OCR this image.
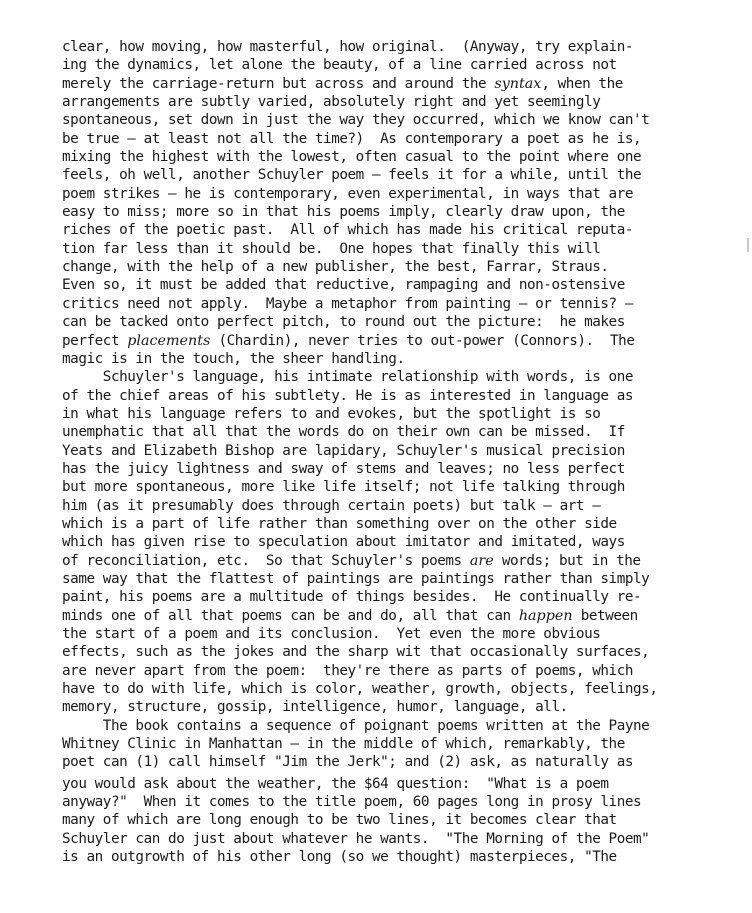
clear, how moving, how masterful, how original.  (Anyway, try explain-
ing the dynamics, let alone the beauty, of a line carried across not
merely the carriage-return but across and around the syntax, when the
arrangements are subtly varied, absolutely right and yet seemingly
spontaneous, set down in just the way they occurred, which we know can't
be true — at least not all the time?)  As contemporary a poet as he is,
mixing the highest with the lowest, often casual to the point where one
feels, oh well, another Schuyler poem — feels it for a while, until the
poem strikes — he is contemporary, even experimental, in ways that are
easy to miss; more so in that his poems imply, clearly draw upon, the
riches of the poetic past.  All of which has made his critical reputa-
tion far less than it should be.  One hopes that finally this will
change, with the help of a new publisher, the best, Farrar, Straus.
Even so, it must be added that reductive, rampaging and non-ostensive
critics need not apply.  Maybe a metaphor from painting — or tennis? —
can be tacked onto perfect pitch, to round out the picture:  he makes
perfect placements (Chardin), never tries to out-power (Connors).  The
magic is in the touch, the sheer handling.
Schuyler's language, his intimate relationship with words, is one
of the chief areas of his subtlety. He is as interested in language as
in what his language refers to and evokes, but the spotlight is so
unemphatic that all that the words do on their own can be missed.  If
Yeats and Elizabeth Bishop are lapidary, Schuyler's musical precision
has the juicy lightness and sway of stems and leaves; no less perfect
but more spontaneous, more like life itself; not life talking through
him (as it presumably does through certain poets) but talk — art —
which is a part of life rather than something over on the other side
which has given rise to speculation about imitator and imitated, ways
of reconciliation, etc.  So that Schuyler's poems are words; but in the
same way that the flattest of paintings are paintings rather than simply
paint, his poems are a multitude of things besides.  He continually re-
minds one of all that poems can be and do, all that can happen between
the start of a poem and its conclusion.  Yet even the more obvious
effects, such as the jokes and the sharp wit that occasionally surfaces,
are never apart from the poem:  they're there as parts of poems, which
have to do with life, which is color, weather, growth, objects, feelings,
memory, structure, gossip, intelligence, humor, language, all.
The book contains a sequence of poignant poems written at the Payne
Whitney Clinic in Manhattan — in the middle of which, remarkably, the
poet can (1) call himself "Jim the Jerk"; and (2) ask, as naturally as
you would ask about the weather, the $64 question:  "What is a poem
anyway?"  When it comes to the title poem, 60 pages long in prosy lines
many of which are long enough to be two lines, it becomes clear that
Schuyler can do just about whatever he wants.  "The Morning of the Poem"
is an outgrowth of his other long (so we thought) masterpieces, "The
